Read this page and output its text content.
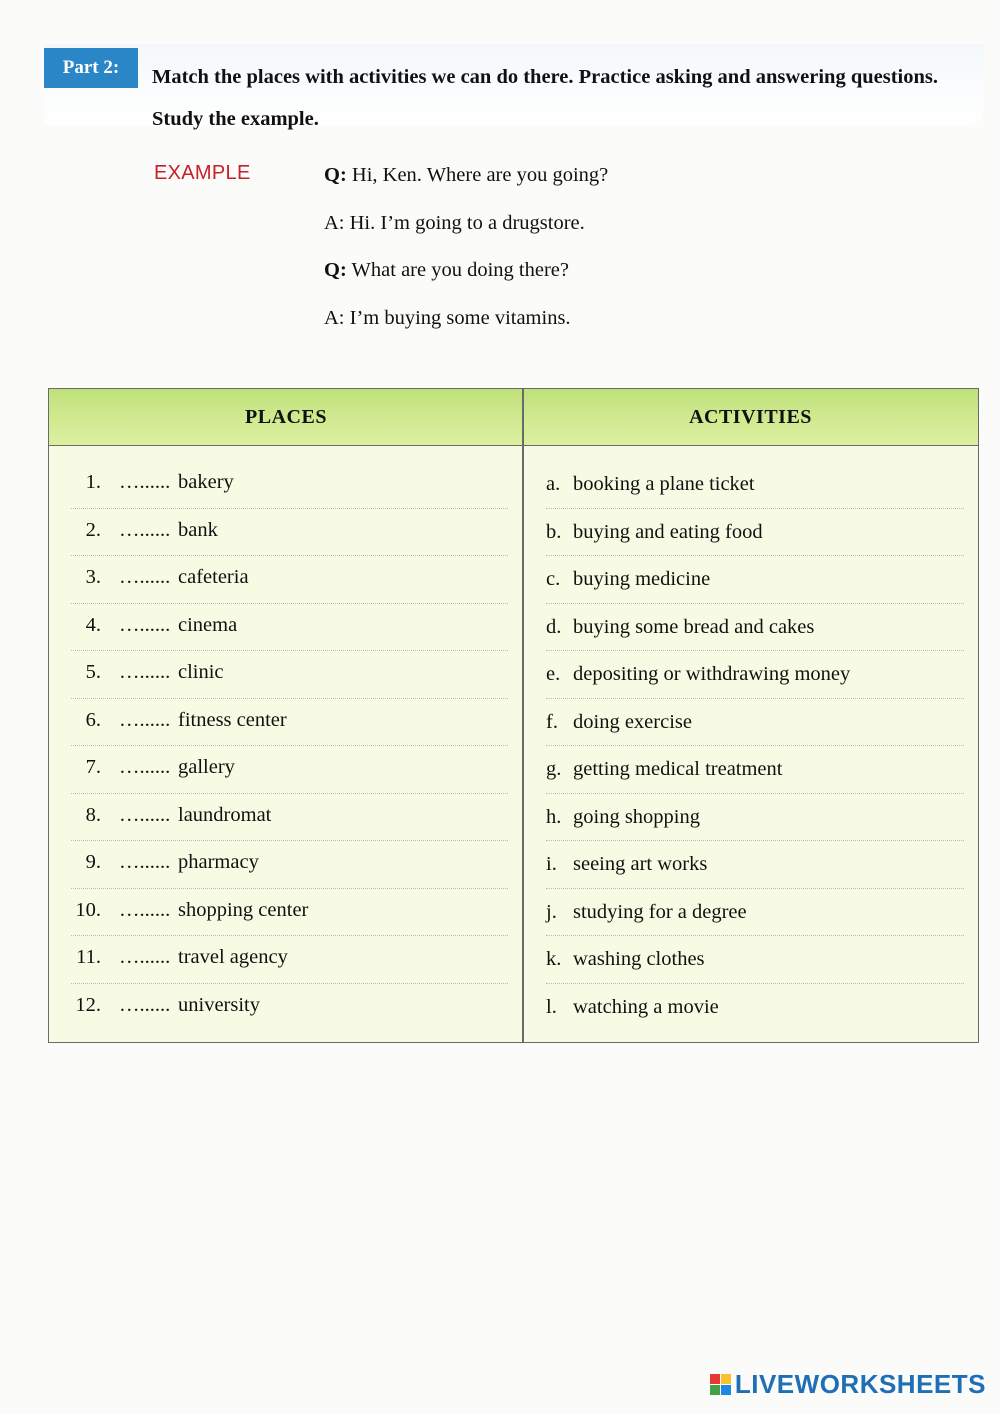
Part 2:	Match the places with activities we can do there. Practice asking and answering questions. Study the example.
EXAMPLE	Q: Hi, Ken. Where are you going?
A: Hi. I’m going to a drugstore.
Q: What are you doing there?
A: I’m buying some vitamins.
PLACES	ACTIVITIES
1. …...... bakery
2. …...... bank
3. …...... cafeteria
4. …...... cinema
5. …...... clinic
6. …...... fitness center
7. …...... gallery
8. …...... laundromat
9. …...... pharmacy
10. …...... shopping center
11. …...... travel agency
12. …...... university
a. booking a plane ticket
b. buying and eating food
c. buying medicine
d. buying some bread and cakes
e. depositing or withdrawing money
f. doing exercise
g. getting medical treatment
h. going shopping
i. seeing art works
j. studying for a degree
k. washing clothes
l. watching a movie
LIVEWORKSHEETS
